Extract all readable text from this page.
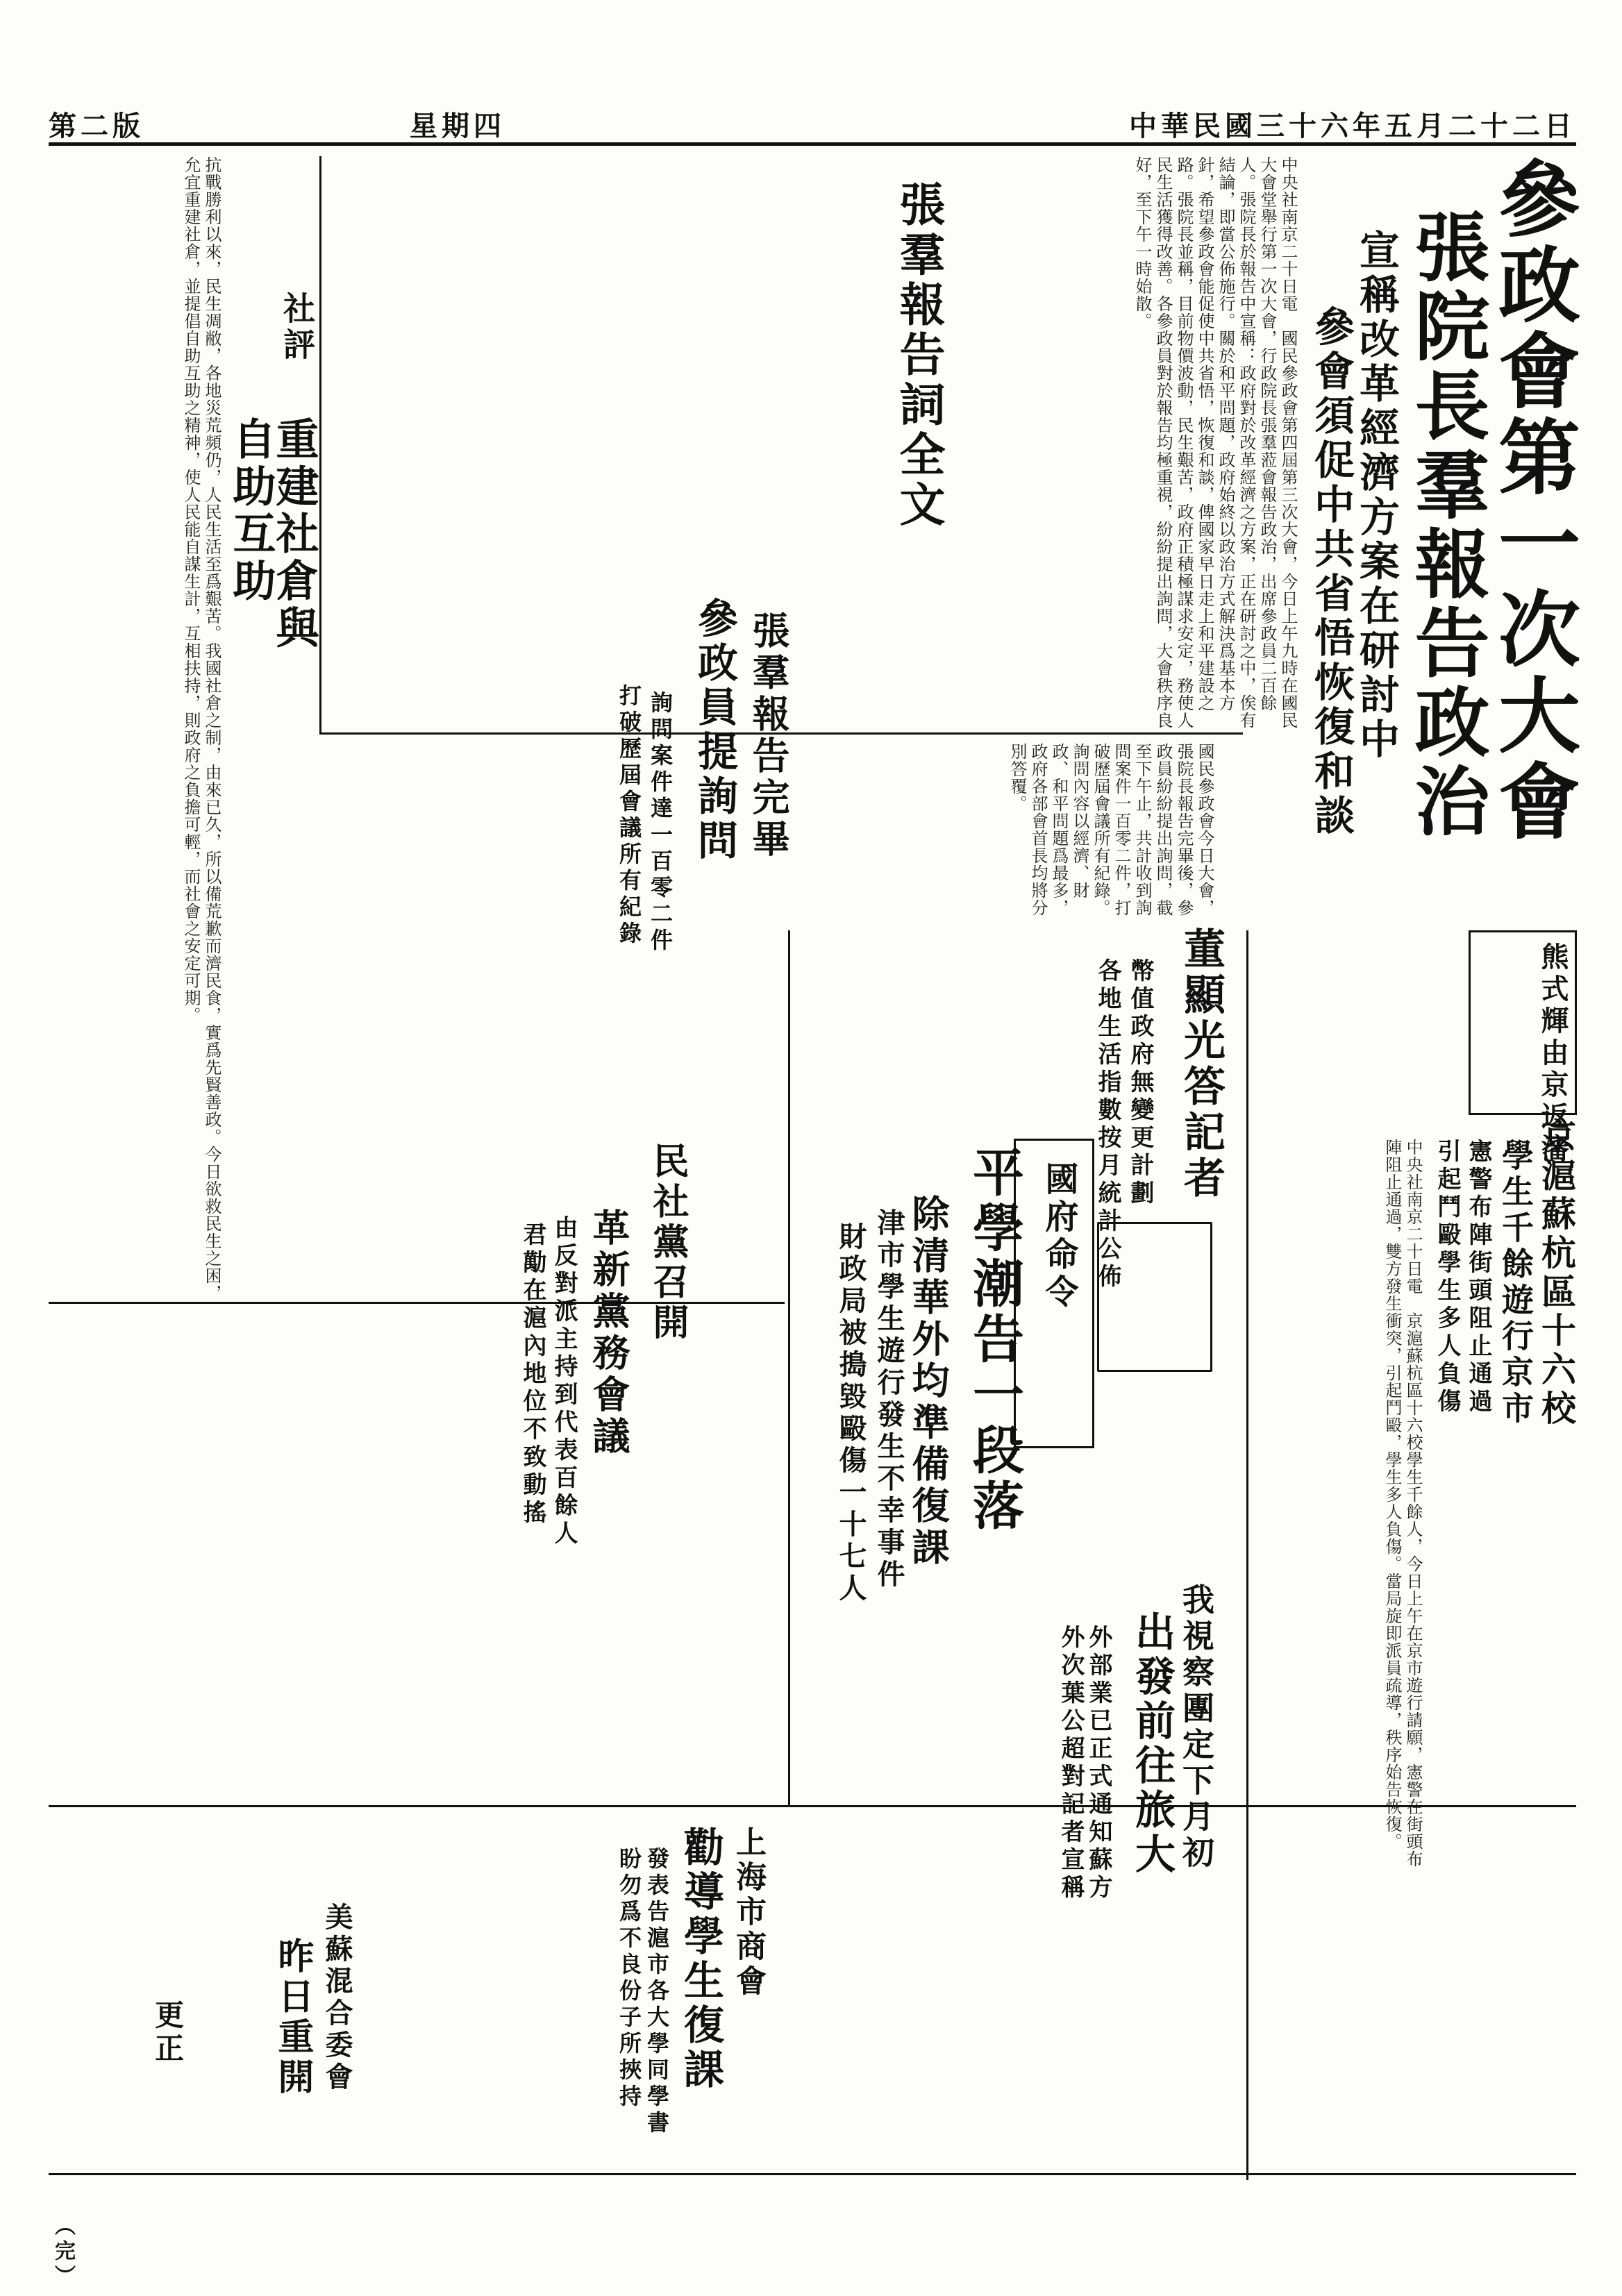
第二版	星期四	中華民國三十六年五月二十二日
參政會第一次大會
張院長羣報告政治
宣稱改革經濟方案在研討中
參會須促中共省悟恢復和談
中央社南京二十日電　國民參政會第四屆第三次大會，今日上午九時在國民大會堂舉行第一次大會，行政院長張羣蒞會報告政治，出席參政員二百餘人。張院長於報告中宣稱：政府對於改革經濟之方案，正在研討之中，俟有結論，即當公佈施行。關於和平問題，政府始終以政治方式解決爲基本方針，希望參政會能促使中共省悟，恢復和談，俾國家早日走上和平建設之路。張院長並稱，目前物價波動，民生艱苦，政府正積極謀求安定，務使人民生活獲得改善。各參政員對於報告均極重視，紛紛提出詢問，大會秩序良好，至下午一時始散。
張羣報告詞全文
社評
重建社倉與自助互助
抗戰勝利以來，民生凋敝，各地災荒頻仍，人民生活至爲艱苦。我國社倉之制，由來已久，所以備荒歉而濟民食，實爲先賢善政。今日欲救民生之困，允宜重建社倉，並提倡自助互助之精神，使人民能自謀生計，互相扶持，則政府之負擔可輕，而社會之安定可期。	參政員提詢問 張羣報告完畢
詢問案件達一百零二件
打破歷屆會議所有紀錄	國民參政會今日大會，張院長報告完畢後，參政員紛紛提出詢問，截至下午止，共計收到詢問案件一百零二件，打破歷屆會議所有紀錄。詢問內容以經濟、財政、和平問題爲最多，政府各部會首長均將分別答覆。
熊式輝由京返瀋
董顯光答記者
幣值政府無變更計劃
各地生活指數按月統計公佈	京滬蘇杭區十六校
學生千餘遊行京市
憲警布陣街頭阻止通過
引起鬥毆學生多人負傷
中央社南京二十日電　京滬蘇杭區十六校學生千餘人，今日上午在京市遊行請願，憲警在街頭布陣阻止通過，雙方發生衝突，引起鬥毆，學生多人負傷。當局旋即派員疏導，秩序始告恢復。
平學潮告一段落
除清華外均準備復課
津市學生遊行發生不幸事件
財政局被搗毀毆傷一十七人	國府命令
民社黨召開
革新黨務會議
由反對派主持到代表百餘人
君勱在滬內地位不致動搖
我視察團定下月初
出發前往旅大
外部業已正式通知蘇方
外次葉公超對記者宣稱
上海市商會
勸導學生復課
發表告滬市各大學同學書
盼勿爲不良份子所挾持
美蘇混合委會
昨日重開
更正
（完）
